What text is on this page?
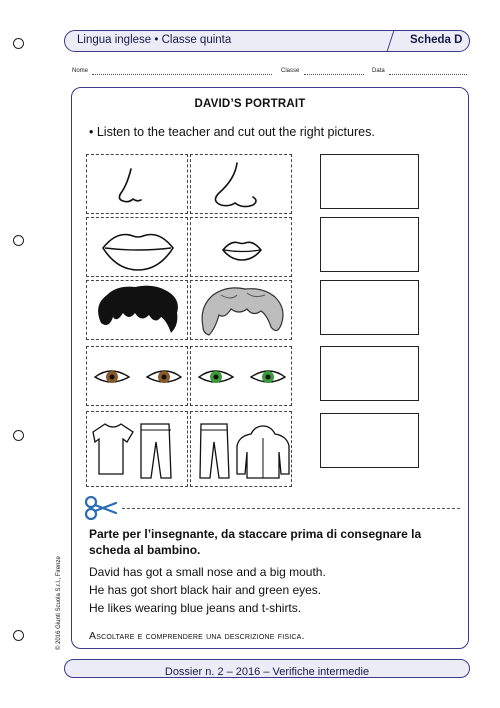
Lingua inglese • Classe quinta	Scheda D
Nome	Classe	Data
DAVID’S PORTRAIT
• Listen to the teacher and cut out the right pictures.
Parte per l’insegnante, da staccare prima di consegnare la scheda al bambino.
David has got a small nose and a big mouth.
He has got short black hair and green eyes.
He likes wearing blue jeans and t-shirts.
Ascoltare e comprendere una descrizione fisica.
© 2016 Giunti Scuola S.r.l., Firenze
Dossier n. 2 – 2016 – Verifiche intermedie
